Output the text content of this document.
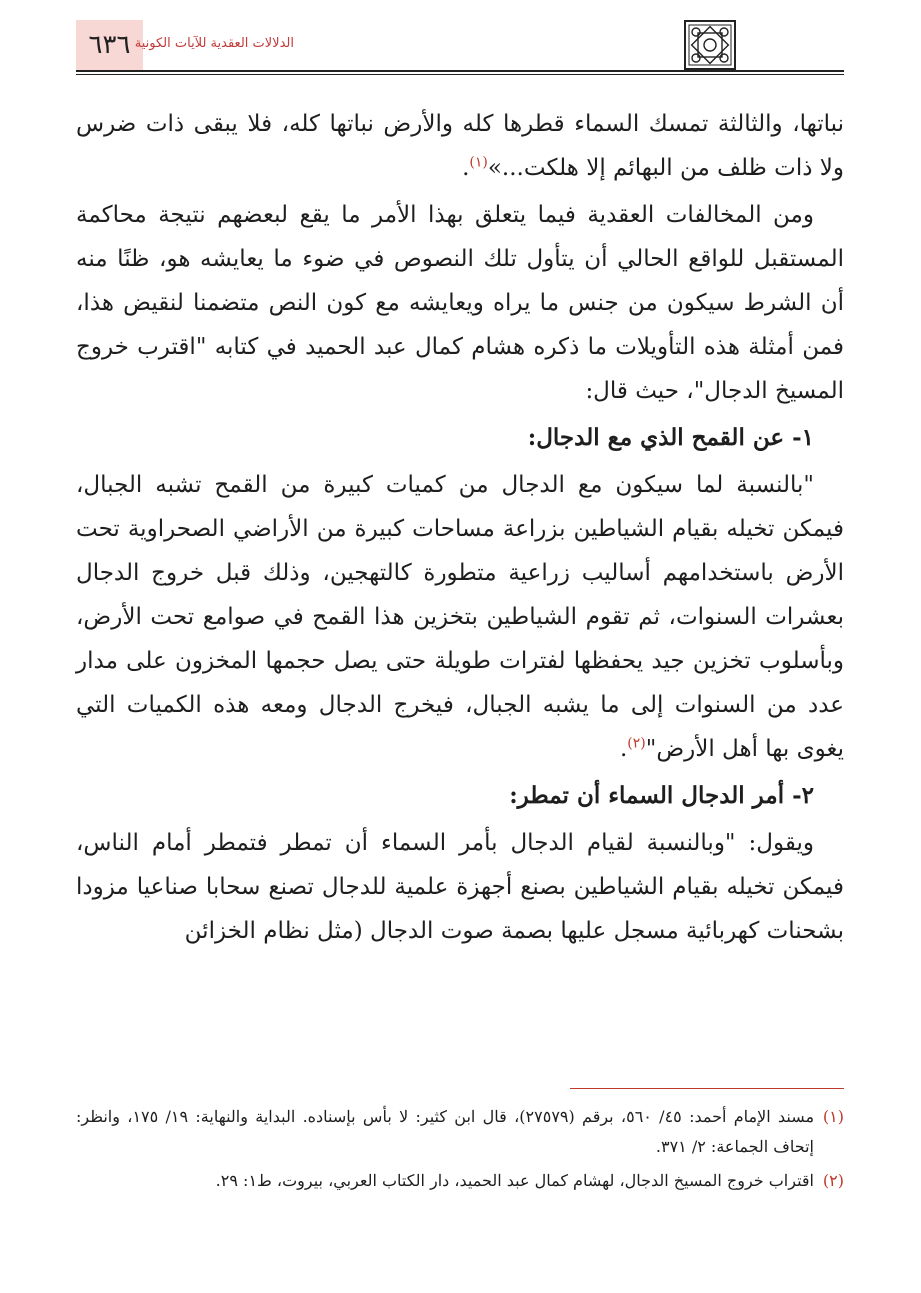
٦٣٦ الدلالات العقدية للآيات الكونية

نباتها، والثالثة تمسك السماء قطرها كله والأرض نباتها كله، فلا يبقى ذات ضرس ولا ذات ظلف من البهائم إلا هلكت...»$^{(١)}$.

ومن المخالفات العقدية فيما يتعلق بهذا الأمر ما يقع لبعضهم نتيجة محاكمة المستقبل للواقع الحالي أن يتأول تلك النصوص في ضوء ما يعايشه هو، ظنًا منه أن الشرط سيكون من جنس ما يراه ويعايشه مع كون النص متضمنا لنقيض هذا، فمن أمثلة هذه التأويلات ما ذكره هشام كمال عبد الحميد في كتابه "اقترب خروج المسيخ الدجال"، حيث قال:

١- عن القمح الذي مع الدجال:

"بالنسبة لما سيكون مع الدجال من كميات كبيرة من القمح تشبه الجبال، فيمكن تخيله بقيام الشياطين بزراعة مساحات كبيرة من الأراضي الصحراوية تحت الأرض باستخدامهم أساليب زراعية متطورة كالتهجين، وذلك قبل خروج الدجال بعشرات السنوات، ثم تقوم الشياطين بتخزين هذا القمح في صوامع تحت الأرض، وبأسلوب تخزين جيد يحفظها لفترات طويلة حتى يصل حجمها المخزون على مدار عدد من السنوات إلى ما يشبه الجبال، فيخرج الدجال ومعه هذه الكميات التي يغوى بها أهل الأرض"$^{(٢)}$.

٢- أمر الدجال السماء أن تمطر:

ويقول: "وبالنسبة لقيام الدجال بأمر السماء أن تمطر فتمطر أمام الناس، فيمكن تخيله بقيام الشياطين بصنع أجهزة علمية للدجال تصنع سحابا صناعيا مزودا بشحنات كهربائية مسجل عليها بصمة صوت الدجال (مثل نظام الخزائن

(١)
مسند الإمام أحمد: ٤٥/ ٥٦٠، برقم (٢٧٥٧٩)، قال ابن كثير: لا بأس بإسناده. البداية والنهاية: ١٩/ ١٧٥، وانظر: إتحاف الجماعة: ٢/ ٣٧١.
(٢)
اقتراب خروج المسيخ الدجال، لهشام كمال عبد الحميد، دار الكتاب العربي، بيروت، ط١: ٢٩.
